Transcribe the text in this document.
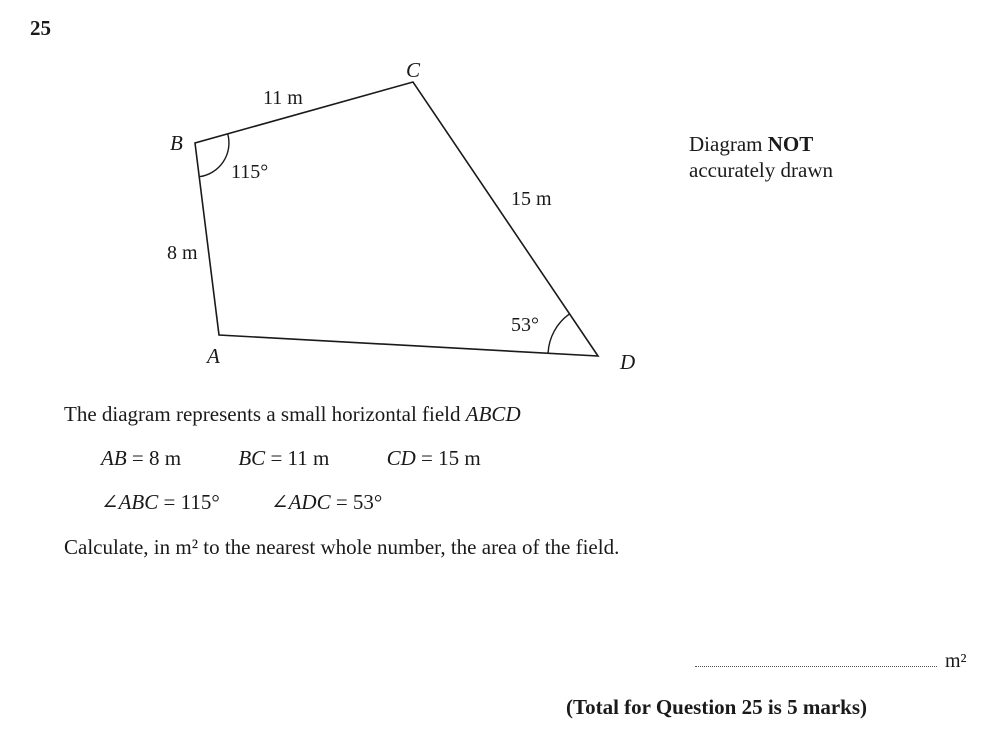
25
A
B
C
D
11 m
8 m
15 m
115°
53°
Diagram NOT
accurately drawn
The diagram represents a small horizontal field ABCD
AB = 8 m	BC = 11 m	CD = 15 m
∠ABC = 115° ∠ADC = 53°
Calculate, in m² to the nearest whole number, the area of the field.
m²
(Total for Question 25 is 5 marks)
